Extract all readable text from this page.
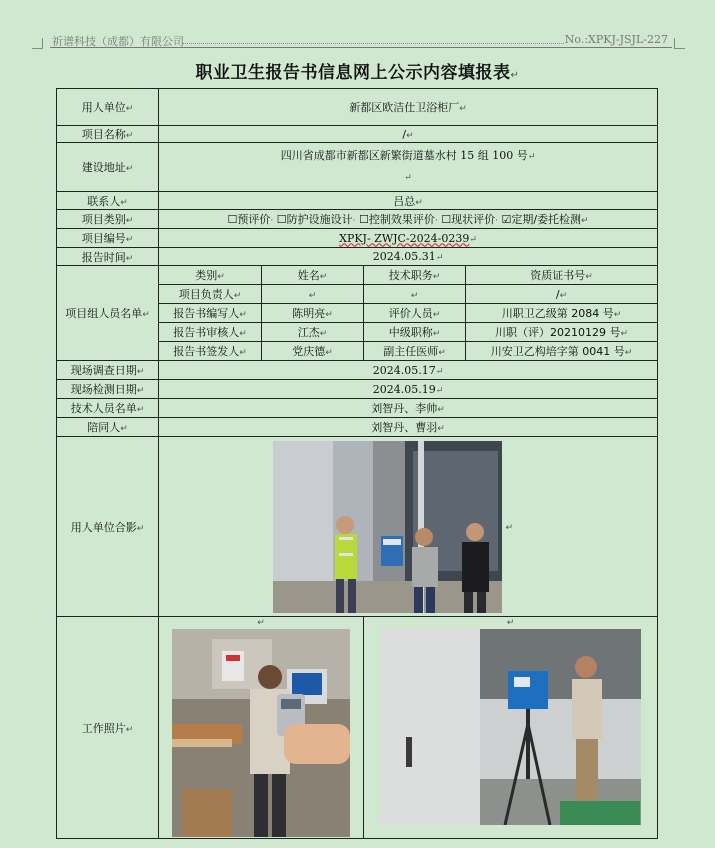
祈谱科技（成都）有限公司	No.:XPKJ-JSJL-227
职业卫生报告书信息网上公示内容填报表↵
用人单位↵	新都区欧洁仕卫浴柜厂↵			
项目名称↵	/↵			
建设地址↵	四川省成都市新都区新繁街道墓水村 15 组 100 号↵
↵			
联系人↵	吕总↵			
项目类别↵	☐预评价· ☐防护设施设计· ☐控制效果评价· ☐现状评价· ☑定期/委托检测↵			
项目编号↵	XPKJ- ZWJC-2024-0239↵			
报告时间↵	2024.05.31↵			
项目组人员名单↵	类别↵	姓名↵	技术职务↵	资质证书号↵
	项目负责人↵	↵	↵	/↵
	报告书编写人↵	陈明亮↵	评价人员↵	川职卫乙级第 2084 号↵
	报告书审核人↵	江杰↵	中级职称↵	川职（评）20210129 号↵
	报告书签发人↵	党庆德↵	副主任医师↵	川安卫乙构培字第 0041 号↵
现场调查日期↵	2024.05.17↵			
现场检测日期↵	2024.05.19↵			
技术人员名单↵	刘智丹、李帅↵			
陪同人↵	刘智丹、曹羽↵			
用人单位合影↵	↵			
工作照片↵	↵		↵	
